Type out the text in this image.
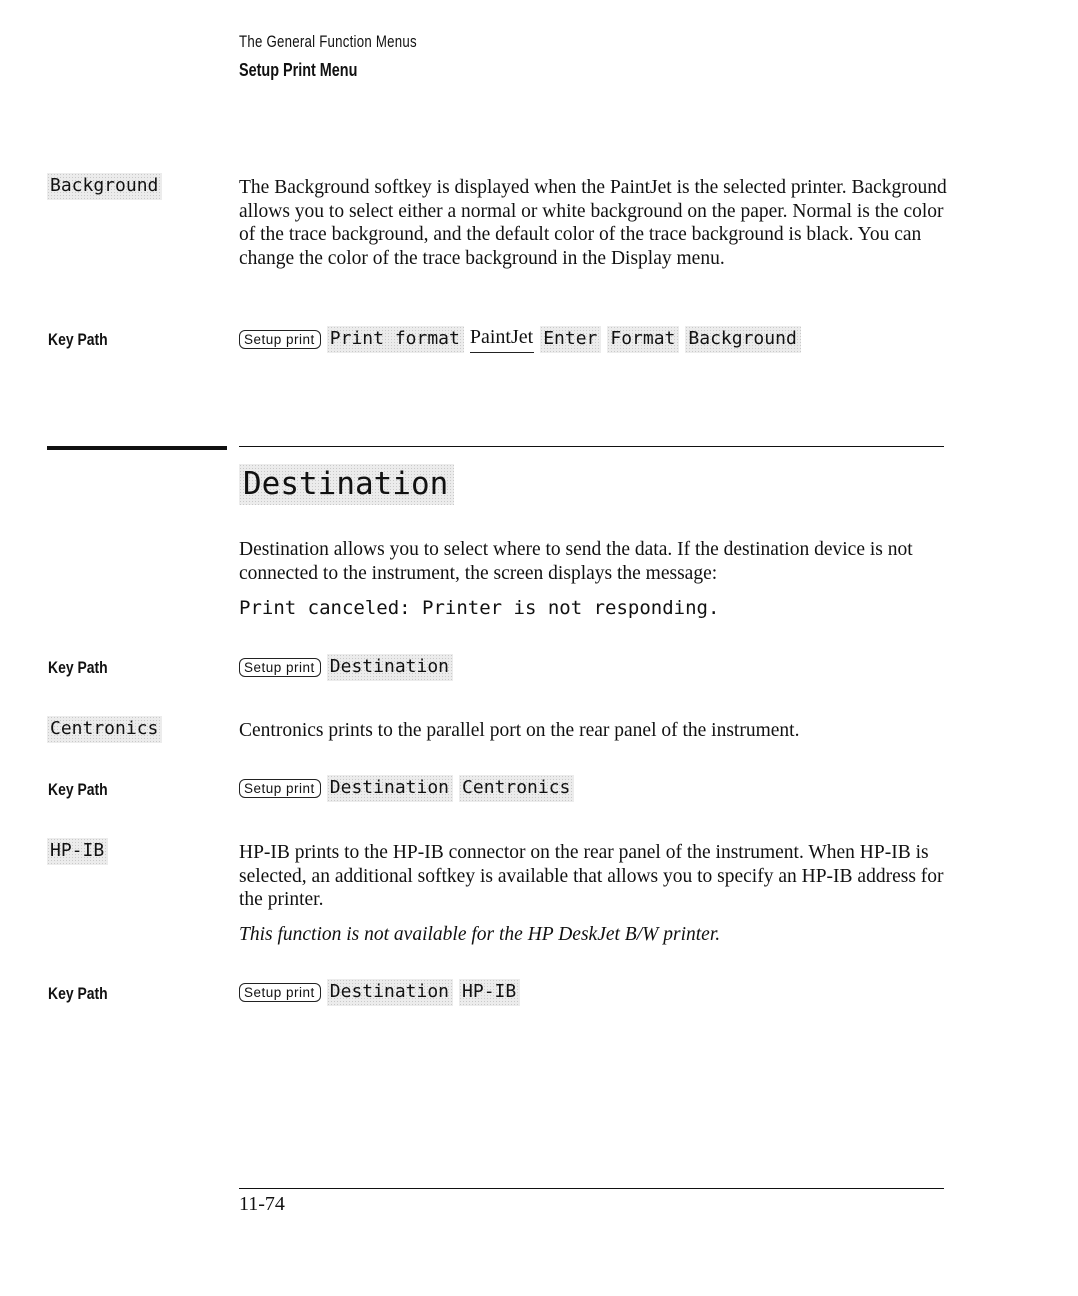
The General Function Menus
Setup Print Menu
Background	The Background softkey is displayed when the PaintJet is the selected printer. Background allows you to select either a normal or white background on the paper. Normal is the color of the trace background, and the default color of the trace background is black. You can change the color of the trace background in the Display menu.
Key Path	Setup print Print format PaintJet Enter Format Background
Destination
Destination allows you to select where to send the data. If the destination device is not connected to the instrument, the screen displays the message:
Print canceled: Printer is not responding.
Key Path	Setup print Destination
Centronics	Centronics prints to the parallel port on the rear panel of the instrument.
Key Path	Setup print Destination Centronics
HP-IB	HP-IB prints to the HP-IB connector on the rear panel of the instrument. When HP-IB is selected, an additional softkey is available that allows you to specify an HP-IB address for the printer.
This function is not available for the HP DeskJet B/W printer.
Key Path	Setup print Destination HP-IB
11-74
